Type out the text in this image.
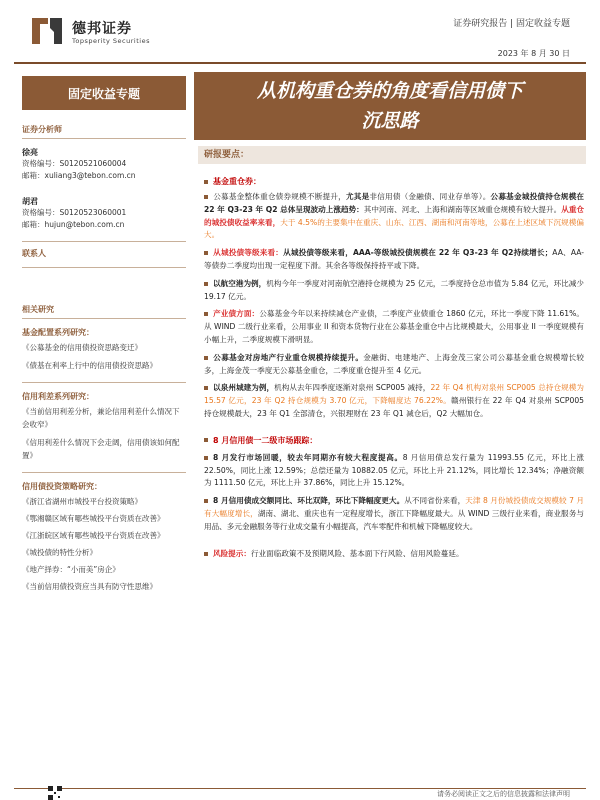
德邦证券
Topsperity Securities
证券研究报告 | 固定收益专题
2023 年 8 月 30 日
固定收益专题	从机构重仓券的角度看信用债下
沉思路
证券分析师
徐亮
资格编号：S0120521060004
邮箱：xuliang3@tebon.com.cn
胡君
资格编号：S0120523060001
邮箱：hujun@tebon.com.cn
联系人
相关研究
基金配置系列研究：
《公募基金的信用债投资思路变迁》
《债基在利率上行中的信用债投资思路》
信用利差系列研究：
《当前信用利差分析，兼论信用利差什么情况下会收窄》
《信用利差什么情况下会走阔，信用债该如何配置》
信用债投资策略研究：
《浙江省湖州市城投平台投资策略》
《鄂湘赣区域有哪些城投平台资质在改善》
《江浙皖区域有哪些城投平台资质在改善》
《城投债的特性分析》
《地产择券：“小而美”房企》
《当前信用债投资应当具有防守性思维》
研报要点：
基金重仓券：
公募基金整体重仓债券规模不断提升，尤其是非信用债（金融债、同业存单等）。公募基金城投债持仓规模在 22 年 Q3-23 年 Q2 总体呈现波动上涨趋势：其中河南、河北、上海和湖南等区域重仓规模有较大提升。从重仓的城投债收益率来看，大于 4.5%的主要集中在重庆、山东、江西、湖南和河南等地，公募在上述区域下沉规模偏大。
从城投债等级来看：从城投债等级来看，AAA-等级城投债规模在 22 年 Q3-23 年 Q2持续增长；AA、AA-等债券二季度均出现一定程度下滑。其余各等级保持持平或下降。
以航空港为例，机构今年一季度对河南航空港持仓规模为 25 亿元，二季度持仓总市值为 5.84 亿元，环比减少 19.17 亿元。
产业债方面：公募基金今年以来持续减仓产业债，二季度产业债重仓 1860 亿元，环比一季度下降 11.61%。从 WIND 二级行业来看，公用事业 II 和资本货物行业在公募基金重仓中占比规模最大，公用事业 II 一季度规模有小幅上升，二季度规模下滑明显。
公募基金对房地产行业重仓规模持续提升。金融街、电建地产、上海金茂三家公司公募基金重仓规模增长较多，上海金茂一季度无公募基金重仓，二季度重仓提升至 4 亿元。
以泉州城建为例，机构从去年四季度逐渐对泉州 SCP005 减持，22 年 Q4 机构对泉州 SCP005 总持仓规模为 15.57 亿元，23 年 Q2 持仓规模为 3.70 亿元，下降幅度达 76.22%。赣州银行在 22 年 Q4 对泉州 SCP005 持仓规模最大，23 年 Q1 全部清仓，兴银理财在 23 年 Q1 减仓后，Q2 大幅加仓。
8 月信用债一二级市场跟踪：
8 月发行市场回暖，较去年同期亦有较大程度提高。8 月信用债总发行量为 11993.55 亿元，环比上涨 22.50%，同比上涨 12.59%；总偿还量为 10882.05 亿元，环比上升 21.12%，同比增长 12.34%；净融资额为 1111.50 亿元，环比上升 37.86%，同比上升 15.12%。
8 月信用债成交额同比、环比双降，环比下降幅度更大。从不同省份来看，天津 8 月份城投债成交规模较 7 月有大幅度增长，湖南、湖北、重庆也有一定程度增长，浙江下降幅度最大。从 WIND 三级行业来看，商业服务与用品、多元金融服务等行业成交量有小幅提高，汽车零配件和机械下降幅度较大。
风险提示：行业面临政策不及预期风险、基本面下行风险、信用风险蔓延。
请务必阅读正文之后的信息披露和法律声明
